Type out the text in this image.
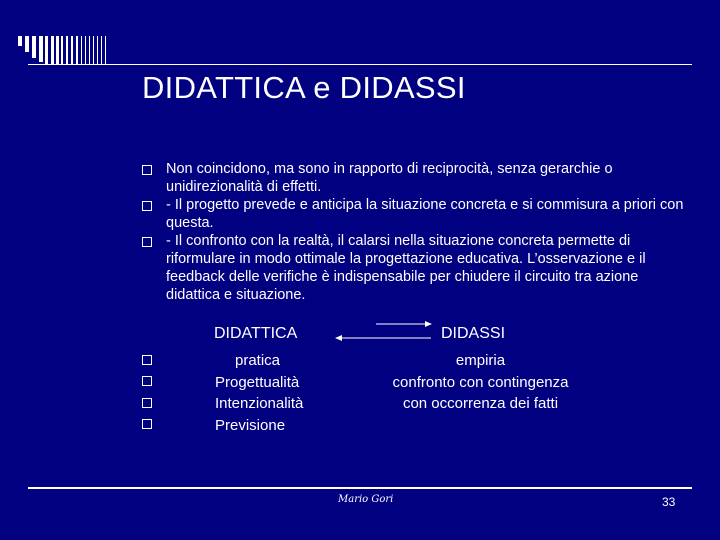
DIDATTICA e DIDASSI
Non coincidono, ma sono in rapporto di reciprocità, senza gerarchie o unidirezionalità di effetti.
- Il progetto prevede e anticipa la situazione concreta e si commisura a priori con questa.
- Il confronto con la realtà, il calarsi nella situazione concreta permette di riformulare in modo ottimale la progettazione educativa. L’osservazione e il feedback delle verifiche è indispensabile per chiudere il circuito tra azione didattica e situazione.
DIDATTICA	DIDASSI
pratica
Progettualità
Intenzionalità
Previsione
empiria
confronto con contingenza
con occorrenza dei fatti
Mario Gori	33
